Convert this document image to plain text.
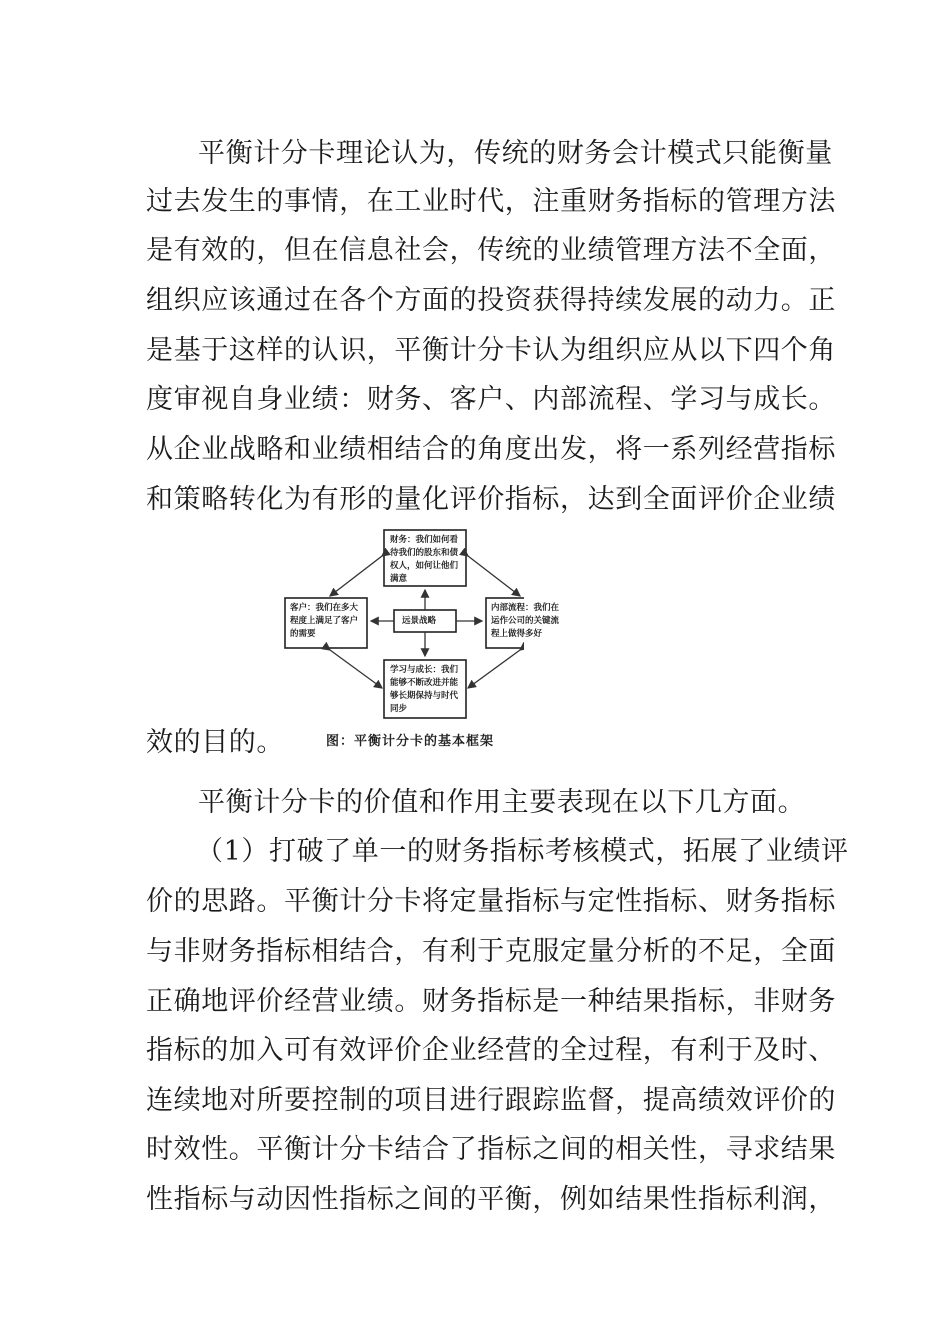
平衡计分卡理论认为，传统的财务会计模式只能衡量
过去发生的事情，在工业时代，注重财务指标的管理方法
是有效的，但在信息社会，传统的业绩管理方法不全面，
组织应该通过在各个方面的投资获得持续发展的动力。正
是基于这样的认识，平衡计分卡认为组织应从以下四个角
度审视自身业绩：财务、客户、内部流程、学习与成长。
从企业战略和业绩相结合的角度出发，将一系列经营指标
和策略转化为有形的量化评价指标，达到全面评价企业绩
效的目的。
财务：我们如何看待我们的股东和债权人，如何让他们满意
客户：我们在多大程度上满足了客户的需要
远景战略
内部流程：我们在运作公司的关键流程上做得多好
学习与成长：我们能够不断改进并能够长期保持与时代同步
图：平衡计分卡的基本框架
平衡计分卡的价值和作用主要表现在以下几方面。
（1）打破了单一的财务指标考核模式，拓展了业绩评
价的思路。平衡计分卡将定量指标与定性指标、财务指标
与非财务指标相结合，有利于克服定量分析的不足，全面
正确地评价经营业绩。财务指标是一种结果指标，非财务
指标的加入可有效评价企业经营的全过程，有利于及时、
连续地对所要控制的项目进行跟踪监督，提高绩效评价的
时效性。平衡计分卡结合了指标之间的相关性，寻求结果
性指标与动因性指标之间的平衡，例如结果性指标利润，
